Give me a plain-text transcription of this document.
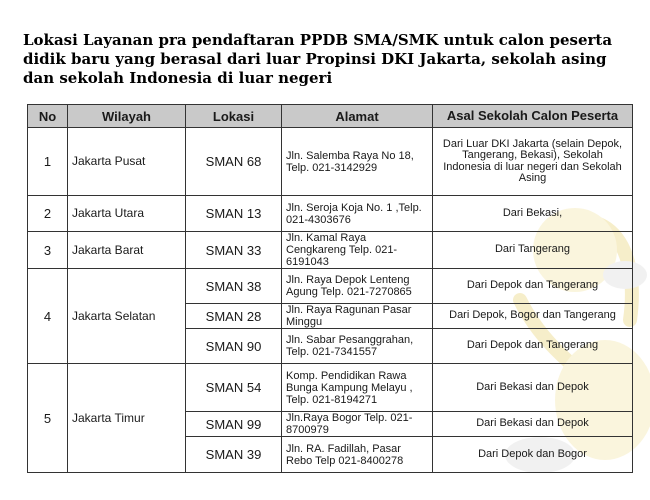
Lokasi Layanan pra pendaftaran PPDB SMA/SMK untuk calon peserta didik baru yang berasal dari luar Propinsi DKI Jakarta, sekolah asing dan sekolah Indonesia di luar negeri
No	Wilayah	Lokasi	Alamat	Asal Sekolah Calon Peserta
1	Jakarta Pusat	SMAN 68	Jln. Salemba Raya No 18, Telp. 021-3142929	Dari Luar DKI Jakarta (selain Depok, Tangerang, Bekasi), Sekolah Indonesia di luar negeri dan Sekolah Asing
2	Jakarta Utara	SMAN 13	Jln. Seroja Koja No. 1 ,Telp. 021-4303676	Dari Bekasi,
3	Jakarta Barat	SMAN 33	Jln. Kamal Raya Cengkareng Telp. 021-6191043	Dari Tangerang
4	Jakarta Selatan	SMAN 38	Jln. Raya Depok Lenteng Agung Telp. 021-7270865	Dari Depok dan Tangerang
		SMAN 28	Jln. Raya Ragunan Pasar Minggu	Dari Depok, Bogor dan Tangerang
		SMAN 90	Jln. Sabar Pesanggrahan, Telp. 021-7341557	Dari Depok dan Tangerang
5	Jakarta Timur	SMAN 54	Komp. Pendidikan Rawa Bunga Kampung Melayu , Telp. 021-8194271	Dari Bekasi dan Depok
		SMAN 99	Jln.Raya Bogor Telp. 021-8700979	Dari Bekasi dan Depok
		SMAN 39	Jln. RA. Fadillah, Pasar Rebo Telp 021-8400278	Dari Depok dan Bogor
